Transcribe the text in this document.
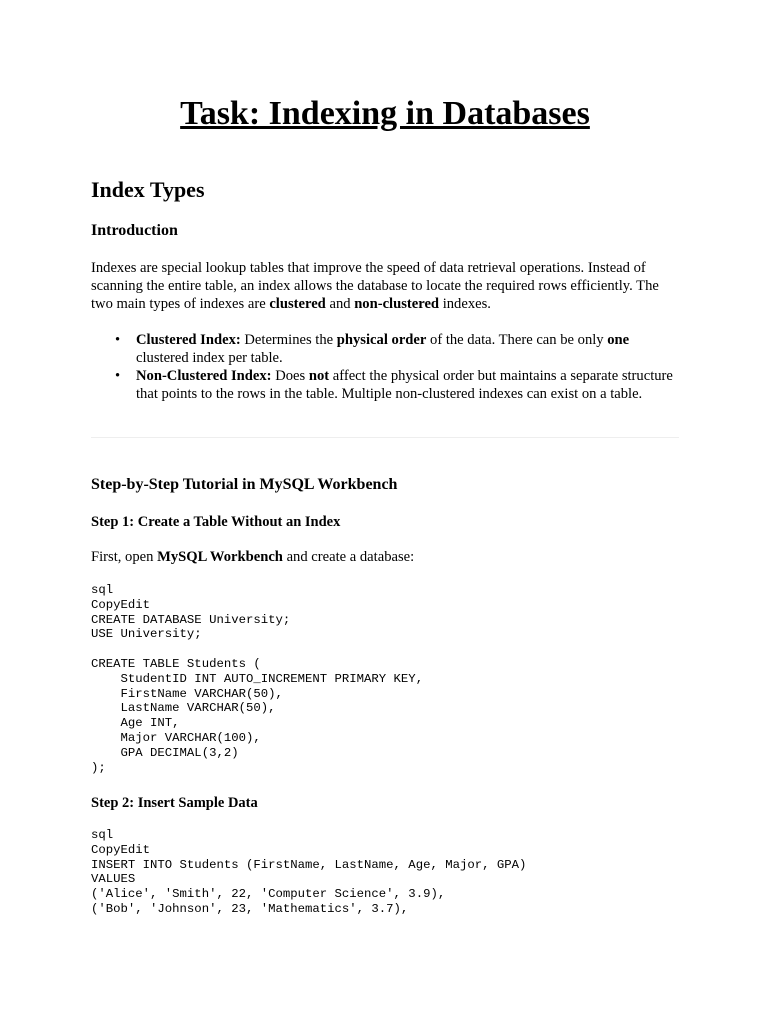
Task: Indexing in Databases
Index Types
Introduction

Indexes are special lookup tables that improve the speed of data retrieval operations. Instead of scanning the entire table, an index allows the database to locate the required rows efficiently. The two main types of indexes are clustered and non-clustered indexes.

• Clustered Index: Determines the physical order of the data. There can be only one clustered index per table.
• Non-Clustered Index: Does not affect the physical order but maintains a separate structure that points to the rows in the table. Multiple non-clustered indexes can exist on a table.
Step-by-Step Tutorial in MySQL Workbench
Step 1: Create a Table Without an Index

First, open MySQL Workbench and create a database:

sql
CopyEdit
CREATE DATABASE University;
USE University;

CREATE TABLE Students (
StudentID INT AUTO_INCREMENT PRIMARY KEY,
FirstName VARCHAR(50),
LastName VARCHAR(50),
Age INT,
Major VARCHAR(100),
GPA DECIMAL(3,2)
);
Step 2: Insert Sample Data
sql
CopyEdit
INSERT INTO Students (FirstName, LastName, Age, Major, GPA)
VALUES
('Alice', 'Smith', 22, 'Computer Science', 3.9),
('Bob', 'Johnson', 23, 'Mathematics', 3.7),
